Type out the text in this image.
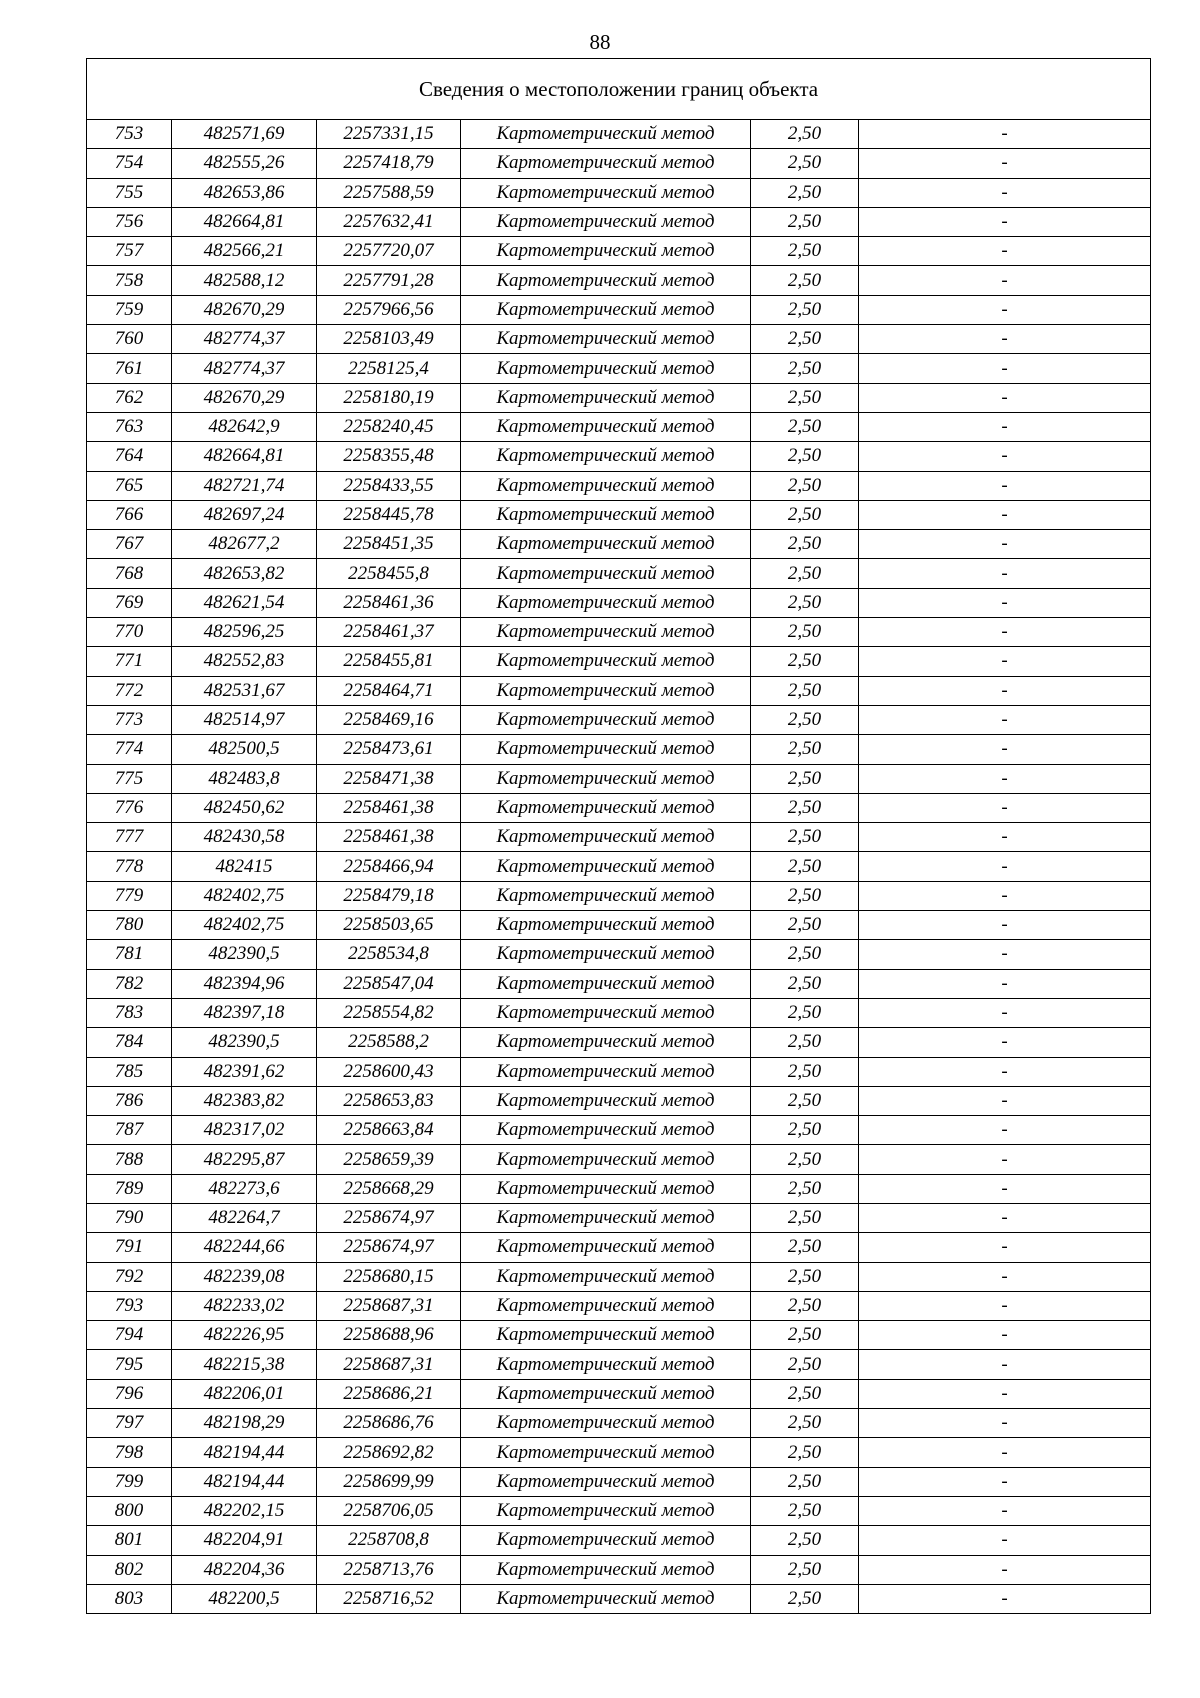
88
Сведения о местоположении границ объекта					
753	482571,69	2257331,15	Картометрический метод	2,50	-
754	482555,26	2257418,79	Картометрический метод	2,50	-
755	482653,86	2257588,59	Картометрический метод	2,50	-
756	482664,81	2257632,41	Картометрический метод	2,50	-
757	482566,21	2257720,07	Картометрический метод	2,50	-
758	482588,12	2257791,28	Картометрический метод	2,50	-
759	482670,29	2257966,56	Картометрический метод	2,50	-
760	482774,37	2258103,49	Картометрический метод	2,50	-
761	482774,37	2258125,4	Картометрический метод	2,50	-
762	482670,29	2258180,19	Картометрический метод	2,50	-
763	482642,9	2258240,45	Картометрический метод	2,50	-
764	482664,81	2258355,48	Картометрический метод	2,50	-
765	482721,74	2258433,55	Картометрический метод	2,50	-
766	482697,24	2258445,78	Картометрический метод	2,50	-
767	482677,2	2258451,35	Картометрический метод	2,50	-
768	482653,82	2258455,8	Картометрический метод	2,50	-
769	482621,54	2258461,36	Картометрический метод	2,50	-
770	482596,25	2258461,37	Картометрический метод	2,50	-
771	482552,83	2258455,81	Картометрический метод	2,50	-
772	482531,67	2258464,71	Картометрический метод	2,50	-
773	482514,97	2258469,16	Картометрический метод	2,50	-
774	482500,5	2258473,61	Картометрический метод	2,50	-
775	482483,8	2258471,38	Картометрический метод	2,50	-
776	482450,62	2258461,38	Картометрический метод	2,50	-
777	482430,58	2258461,38	Картометрический метод	2,50	-
778	482415	2258466,94	Картометрический метод	2,50	-
779	482402,75	2258479,18	Картометрический метод	2,50	-
780	482402,75	2258503,65	Картометрический метод	2,50	-
781	482390,5	2258534,8	Картометрический метод	2,50	-
782	482394,96	2258547,04	Картометрический метод	2,50	-
783	482397,18	2258554,82	Картометрический метод	2,50	-
784	482390,5	2258588,2	Картометрический метод	2,50	-
785	482391,62	2258600,43	Картометрический метод	2,50	-
786	482383,82	2258653,83	Картометрический метод	2,50	-
787	482317,02	2258663,84	Картометрический метод	2,50	-
788	482295,87	2258659,39	Картометрический метод	2,50	-
789	482273,6	2258668,29	Картометрический метод	2,50	-
790	482264,7	2258674,97	Картометрический метод	2,50	-
791	482244,66	2258674,97	Картометрический метод	2,50	-
792	482239,08	2258680,15	Картометрический метод	2,50	-
793	482233,02	2258687,31	Картометрический метод	2,50	-
794	482226,95	2258688,96	Картометрический метод	2,50	-
795	482215,38	2258687,31	Картометрический метод	2,50	-
796	482206,01	2258686,21	Картометрический метод	2,50	-
797	482198,29	2258686,76	Картометрический метод	2,50	-
798	482194,44	2258692,82	Картометрический метод	2,50	-
799	482194,44	2258699,99	Картометрический метод	2,50	-
800	482202,15	2258706,05	Картометрический метод	2,50	-
801	482204,91	2258708,8	Картометрический метод	2,50	-
802	482204,36	2258713,76	Картометрический метод	2,50	-
803	482200,5	2258716,52	Картометрический метод	2,50	-
